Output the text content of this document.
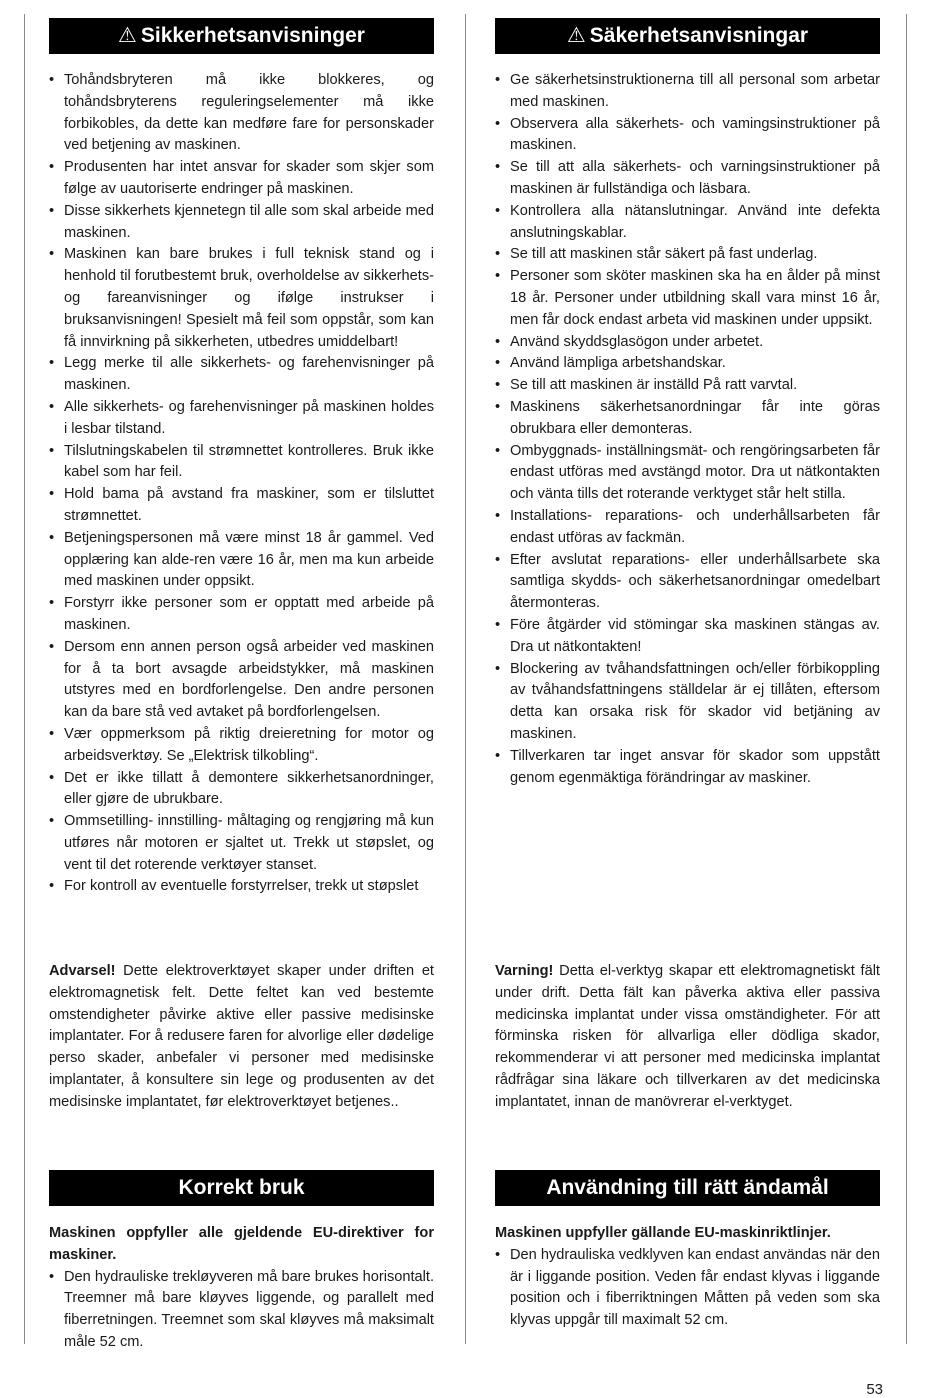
⚠ Sikkerhetsanvisninger
• Tohåndsbryteren må ikke blokkeres, og tohåndsbryterens reguleringselementer må ikke forbikobles, da dette kan medføre fare for personskader ved betjening av maskinen.
• Produsenten har intet ansvar for skader som skjer som følge av uautoriserte endringer på maskinen.
• Disse sikkerhets kjennetegn til alle som skal arbeide med maskinen.
• Maskinen kan bare brukes i full teknisk stand og i henhold til forutbestemt bruk, overholdelse av sikkerhets- og fareanvisninger og ifølge instrukser i bruksanvisningen! Spesielt må feil som oppstår, som kan få innvirkning på sikkerheten, utbedres umiddelbart!
• Legg merke til alle sikkerhets- og farehenvisninger på maskinen.
• Alle sikkerhets- og farehenvisninger på maskinen holdes i lesbar tilstand.
• Tilslutningskabelen til strømnettet kontrolleres. Bruk ikke kabel som har feil.
• Hold bama på avstand fra maskiner, som er tilsluttet strømnettet.
• Betjeningspersonen må være minst 18 år gammel. Ved opplæring kan alde-ren være 16 år, men ma kun arbeide med maskinen under oppsikt.
• Forstyrr ikke personer som er opptatt med arbeide på maskinen.
• Dersom enn annen person også arbeider ved maskinen for å ta bort avsagde arbeidstykker, må maskinen utstyres med en bordforlengelse. Den andre personen kan da bare stå ved avtaket på bordforlengelsen.
• Vær oppmerksom på riktig dreieretning for motor og arbeidsverktøy. Se „Elektrisk tilkobling“.
• Det er ikke tillatt å demontere sikkerhetsanordninger, eller gjøre de ubrukbare.
• Ommsetilling- innstilling- måltaging og rengjøring må kun utføres når motoren er sjaltet ut. Trekk ut støpslet, og vent til det roterende verktøyer stanset.
• For kontroll av eventuelle forstyrrelser, trekk ut støpslet

Advarsel! Dette elektroverktøyet skaper under driften et elektromagnetisk felt. Dette feltet kan ved bestemte omstendigheter påvirke aktive eller passive medisinske implantater. For å redusere faren for alvorlige eller dødelige perso skader, anbefaler vi personer med medisinske implantater, å konsultere sin lege og produsenten av det medisinske implantatet, før elektroverktøyet betjenes..

Korrekt bruk

Maskinen oppfyller alle gjeldende EU-direktiver for maskiner.

• Den hydrauliske trekløyveren må bare brukes horisontalt. Treemner må bare kløyves liggende, og parallelt med fiberretningen. Treemnet som skal kløyves må maksimalt måle 52 cm.
⚠ Säkerhetsanvisningar
• Ge säkerhetsinstruktionerna till all personal som arbetar med maskinen.
• Observera alla säkerhets- och vamingsinstruktioner på maskinen.
• Se till att alla säkerhets- och varningsinstruktioner på maskinen är fullständiga och läsbara.
• Kontrollera alla nätanslutningar. Använd inte defekta anslutningskablar.
• Se till att maskinen står säkert på fast underlag.
• Personer som sköter maskinen ska ha en ålder på minst 18 år. Personer under utbildning skall vara minst 16 år, men får dock endast arbeta vid maskinen under uppsikt.
• Använd skyddsglasögon under arbetet.
• Använd lämpliga arbetshandskar.
• Se till att maskinen är inställd På ratt varvtal.
• Maskinens säkerhetsanordningar får inte göras obrukbara eller demonteras.
• Ombyggnads- inställningsmät- och rengöringsarbeten får endast utföras med avstängd motor. Dra ut nätkontakten och vänta tills det roterande verktyget står helt stilla.
• Installations- reparations- och underhållsarbeten får endast utföras av fackmän.
• Efter avslutat reparations- eller underhållsarbete ska samtliga skydds- och säkerhetsanordningar omedelbart återmonteras.
• Före åtgärder vid stömingar ska maskinen stängas av. Dra ut nätkontakten!
• Blockering av tvåhandsfattningen och/eller förbikoppling av tvåhandsfattningens ställdelar är ej tillåten, eftersom detta kan orsaka risk för skador vid betjäning av maskinen.
• Tillverkaren tar inget ansvar för skador som uppstått genom egenmäktiga förändringar av maskiner.

Varning! Detta el-verktyg skapar ett elektromagnetiskt fält under drift. Detta fält kan påverka aktiva eller passiva medicinska implantat under vissa omständigheter. För att förminska risken för allvarliga eller dödliga skador, rekommenderar vi att personer med medicinska implantat rådfrågar sina läkare och tillverkaren av det medicinska implantatet, innan de manövrerar el-verktyget.

Användning till rätt ändamål

Maskinen uppfyller gällande EU-maskinriktlinjer.

• Den hydrauliska vedklyven kan endast användas när den är i liggande position. Veden får endast klyvas i liggande position och i fiberriktningen Måtten på veden som ska klyvas uppgår till maximalt 52 cm.
53
